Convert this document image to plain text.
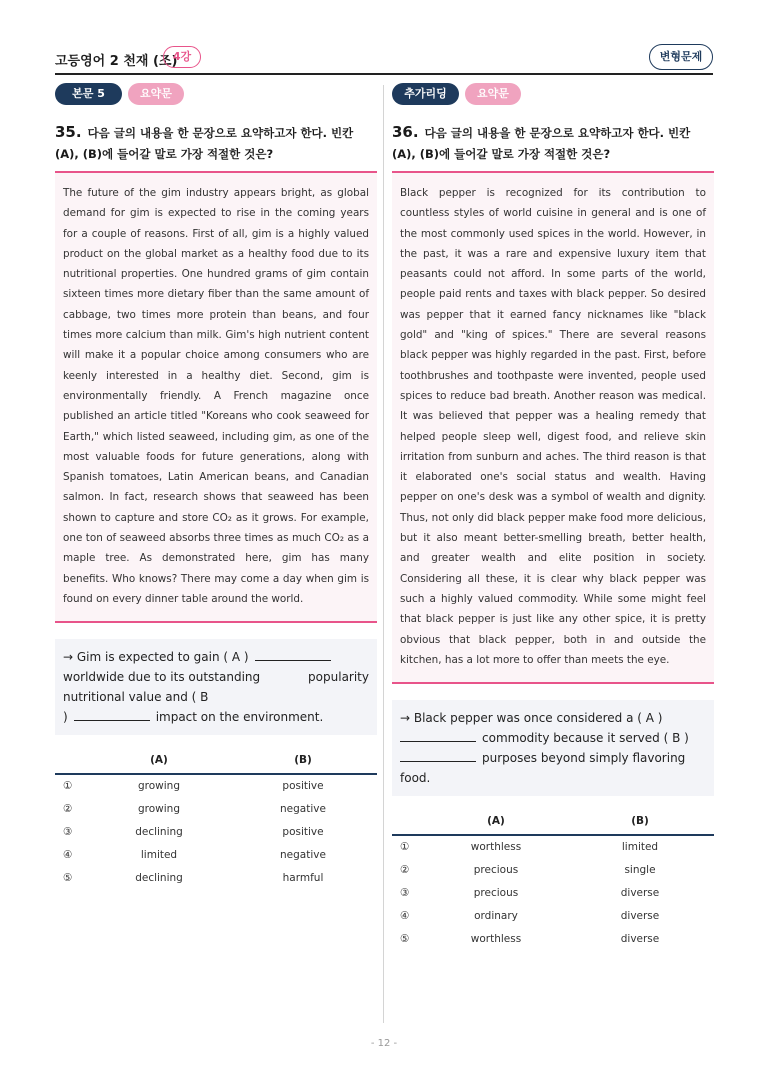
고등영어 2 천재 (조)
4강	변형문제
본문 5	요약문
35. 다음 글의 내용을 한 문장으로 요약하고자 한다. 빈칸 (A), (B)에 들어갈 말로 가장 적절한 것은?
The future of the gim industry appears bright, as global demand for gim is expected to rise in the coming years for a couple of reasons. First of all, gim is a highly valued product on the global market as a healthy food due to its nutritional properties. One hundred grams of gim contain sixteen times more dietary fiber than the same amount of cabbage, two times more protein than beans, and four times more calcium than milk. Gim's high nutrient content will make it a popular choice among consumers who are keenly interested in a healthy diet. Second, gim is environmentally friendly. A French magazine once published an article titled "Koreans who cook seaweed for Earth," which listed seaweed, including gim, as one of the most valuable foods for future generations, along with Spanish tomatoes, Latin American beans, and Canadian salmon. In fact, research shows that seaweed has been shown to capture and store CO₂ as it grows. For example, one ton of seaweed absorbs three times as much CO₂ as a maple tree. As demonstrated here, gim has many benefits. Who knows? There may come a day when gim is found on every dinner table around the world.
→ Gim is expected to gain ( A )
popularity
worldwide due to its outstanding nutritional value and ( B
)	impact on the environment.
(A)	(B)
①	growing	positive
②	growing	negative
③	declining	positive
④	limited	negative
⑤	declining	harmful
추가리딩	요약문
36. 다음 글의 내용을 한 문장으로 요약하고자 한다. 빈칸 (A), (B)에 들어갈 말로 가장 적절한 것은?
Black pepper is recognized for its contribution to countless styles of world cuisine in general and is one of the most commonly used spices in the world. However, in the past, it was a rare and expensive luxury item that peasants could not afford. In some parts of the world, people paid rents and taxes with black pepper. So desired was pepper that it earned fancy nicknames like "black gold" and "king of spices." There are several reasons black pepper was highly regarded in the past. First, before toothbrushes and toothpaste were invented, people used spices to reduce bad breath. Another reason was medical. It was believed that pepper was a healing remedy that helped people sleep well, digest food, and relieve skin irritation from sunburn and aches. The third reason is that it elaborated one's social status and wealth. Having pepper on one's desk was a symbol of wealth and dignity. Thus, not only did black pepper make food more delicious, but it also meant better-smelling breath, better health, and greater wealth and elite position in society. Considering all these, it is clear why black pepper was such a highly valued commodity. While some might feel that black pepper is just like any other spice, it is pretty obvious that black pepper, both in and outside the kitchen, has a lot more to offer than meets the eye.
→ Black pepper was once considered a ( A )
commodity because it served ( B )
purposes beyond simply flavoring food.
(A)	(B)
①	worthless	limited
②	precious	single
③	precious	diverse
④	ordinary	diverse
⑤	worthless	diverse
- 12 -
